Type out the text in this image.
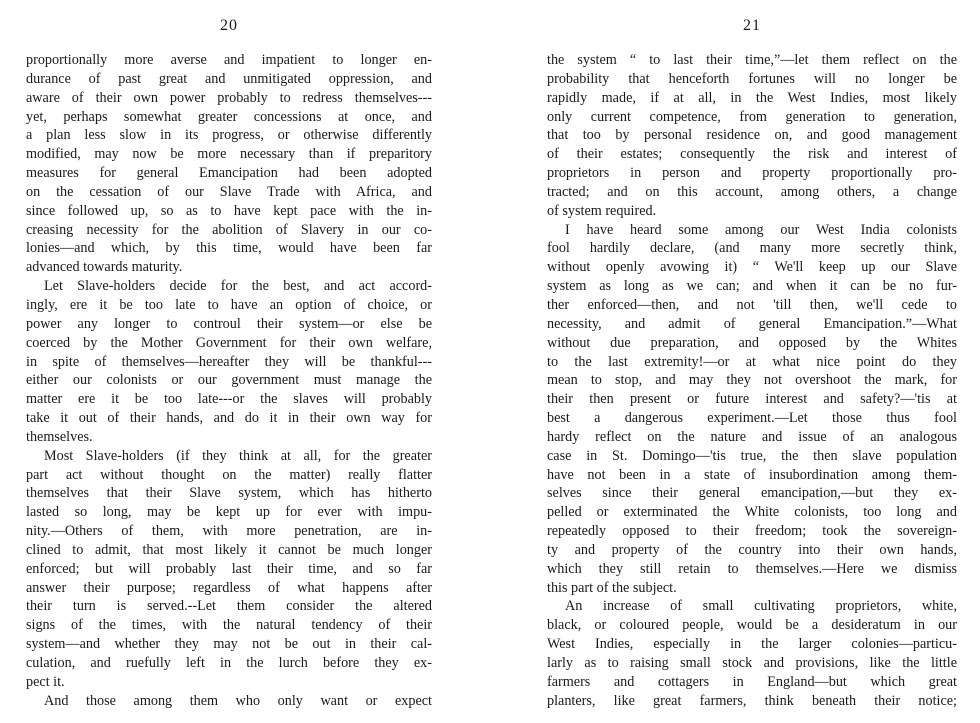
20
proportionally more averse and impatient to longer en-
durance of past great and unmitigated oppression, and
aware of their own power probably to redress themselves---
yet, perhaps somewhat greater concessions at once, and
a plan less slow in its progress, or otherwise differently
modified, may now be more necessary than if preparitory
measures for general Emancipation had been adopted
on the cessation of our Slave Trade with Africa, and
since followed up, so as to have kept pace with the in-
creasing necessity for the abolition of Slavery in our co-
lonies—and which, by this time, would have been far
advanced towards maturity.
Let Slave-holders decide for the best, and act accord-
ingly, ere it be too late to have an option of choice, or
power any longer to controul their system—or else be
coerced by the Mother Government for their own welfare,
in spite of themselves—hereafter they will be thankful---
either our colonists or our government must manage the
matter ere it be too late---or the slaves will probably
take it out of their hands, and do it in their own way for
themselves.
Most Slave-holders (if they think at all, for the greater
part act without thought on the matter) really flatter
themselves that their Slave system, which has hitherto
lasted so long, may be kept up for ever with impu-
nity.—Others of them, with more penetration, are in-
clined to admit, that most likely it cannot be much longer
enforced; but will probably last their time, and so far
answer their purpose; regardless of what happens after
their turn is served.--Let them consider the altered
signs of the times, with the natural tendency of their
system—and whether they may not be out in their cal-
culation, and ruefully left in the lurch before they ex-
pect it.
And those among them who only want or expect
21
the system “ to last their time,”—let them reflect on the
probability that henceforth fortunes will no longer be
rapidly made, if at all, in the West Indies, most likely
only current competence, from generation to generation,
that too by personal residence on, and good management
of their estates; consequently the risk and interest of
proprietors in person and property proportionally pro-
tracted; and on this account, among others, a change
of system required.
I have heard some among our West India colonists
fool hardily declare, (and many more secretly think,
without openly avowing it) “ We'll keep up our Slave
system as long as we can; and when it can be no fur-
ther enforced—then, and not 'till then, we'll cede to
necessity, and admit of general Emancipation.”—What
without due preparation, and opposed by the Whites
to the last extremity!—or at what nice point do they
mean to stop, and may they not overshoot the mark, for
their then present or future interest and safety?—'tis at
best a dangerous experiment.—Let those thus fool
hardy reflect on the nature and issue of an analogous
case in St. Domingo—'tis true, the then slave population
have not been in a state of insubordination among them-
selves since their general emancipation,—but they ex-
pelled or exterminated the White colonists, too long and
repeatedly opposed to their freedom; took the sovereign-
ty and property of the country into their own hands,
which they still retain to themselves.—Here we dismiss
this part of the subject.
An increase of small cultivating proprietors, white,
black, or coloured people, would be a desideratum in our
West Indies, especially in the larger colonies—particu-
larly as to raising small stock and provisions, like the little
farmers and cottagers in England—but which great
planters, like great farmers, think beneath their notice;
